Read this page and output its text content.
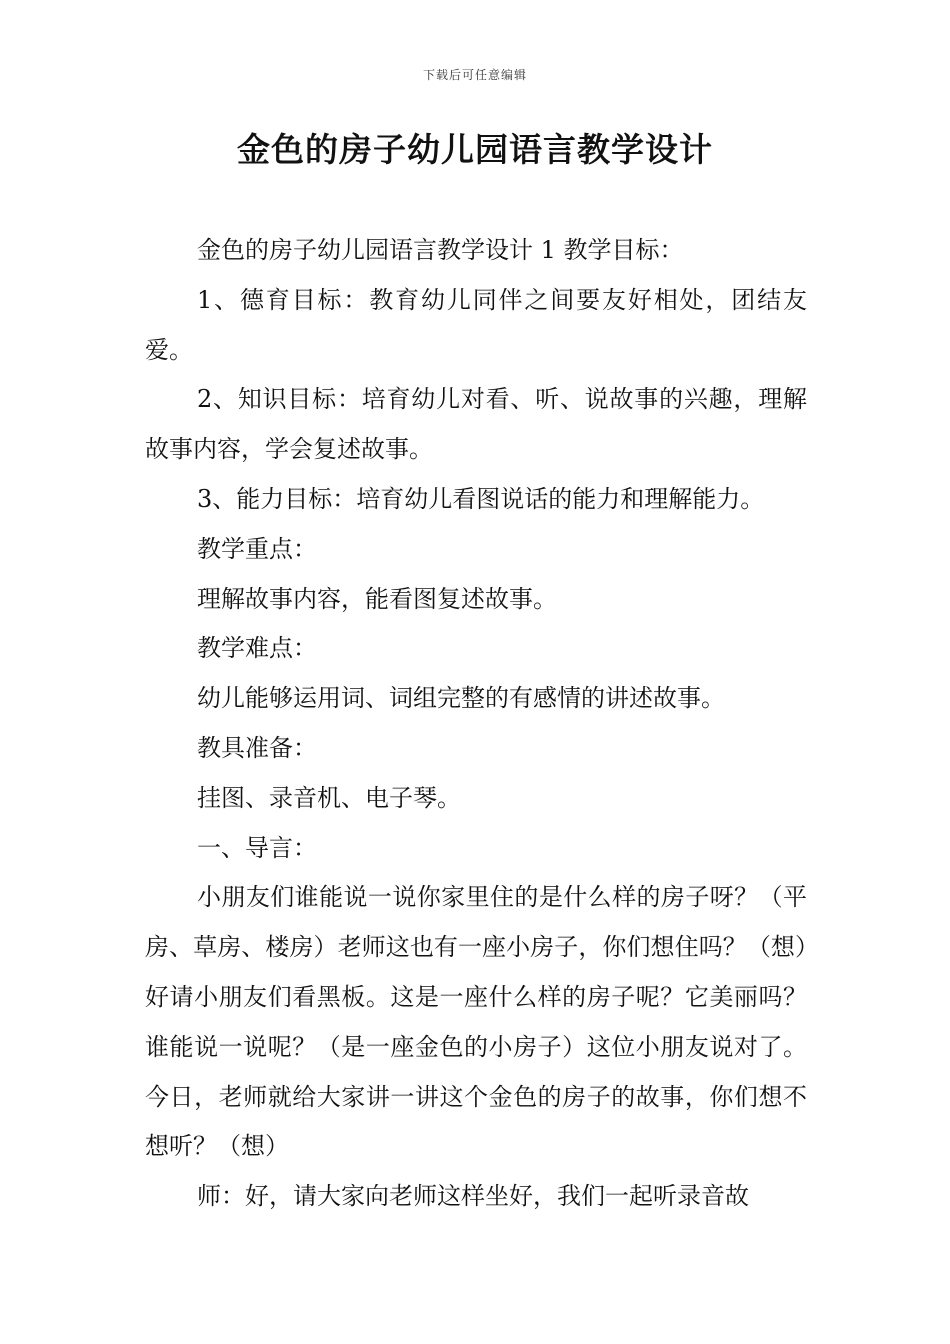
下载后可任意编辑
金色的房子幼儿园语言教学设计

金色的房子幼儿园语言教学设计 1 教学目标：

1、德育目标：教育幼儿同伴之间要友好相处，团结友爱。

2、知识目标：培育幼儿对看、听、说故事的兴趣，理解故事内容，学会复述故事。

3、能力目标：培育幼儿看图说话的能力和理解能力。

教学重点：

理解故事内容，能看图复述故事。

教学难点：

幼儿能够运用词、词组完整的有感情的讲述故事。

教具准备：

挂图、录音机、电子琴。

一、导言：

小朋友们谁能说一说你家里住的是什么样的房子呀？（平房、草房、楼房）老师这也有一座小房子，你们想住吗？（想）好请小朋友们看黑板。这是一座什么样的房子呢？它美丽吗？谁能说一说呢？（是一座金色的小房子）这位小朋友说对了。今日，老师就给大家讲一讲这个金色的房子的故事，你们想不想听？（想）

师：好，请大家向老师这样坐好，我们一起听录音故
